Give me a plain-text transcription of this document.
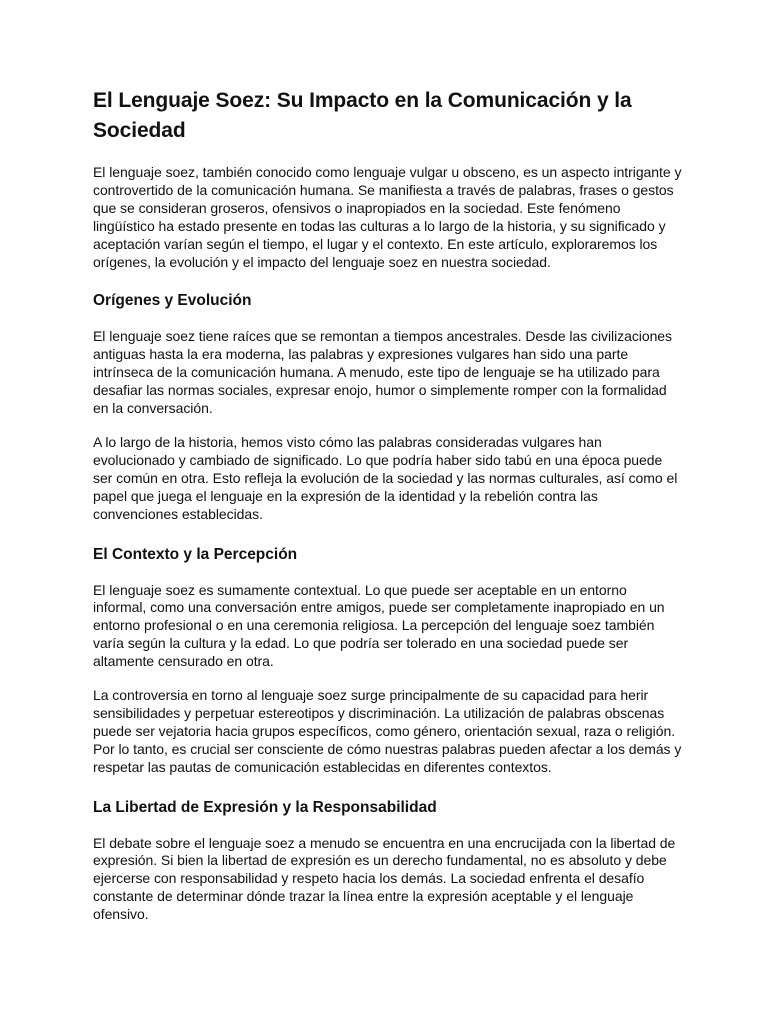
El Lenguaje Soez: Su Impacto en la Comunicación y la Sociedad

El lenguaje soez, también conocido como lenguaje vulgar u obsceno, es un aspecto intrigante y controvertido de la comunicación humana. Se manifiesta a través de palabras, frases o gestos que se consideran groseros, ofensivos o inapropiados en la sociedad. Este fenómeno lingüístico ha estado presente en todas las culturas a lo largo de la historia, y su significado y aceptación varían según el tiempo, el lugar y el contexto. En este artículo, exploraremos los orígenes, la evolución y el impacto del lenguaje soez en nuestra sociedad.

Orígenes y Evolución

El lenguaje soez tiene raíces que se remontan a tiempos ancestrales. Desde las civilizaciones antiguas hasta la era moderna, las palabras y expresiones vulgares han sido una parte intrínseca de la comunicación humana. A menudo, este tipo de lenguaje se ha utilizado para desafiar las normas sociales, expresar enojo, humor o simplemente romper con la formalidad en la conversación.

A lo largo de la historia, hemos visto cómo las palabras consideradas vulgares han evolucionado y cambiado de significado. Lo que podría haber sido tabú en una época puede ser común en otra. Esto refleja la evolución de la sociedad y las normas culturales, así como el papel que juega el lenguaje en la expresión de la identidad y la rebelión contra las convenciones establecidas.

El Contexto y la Percepción

El lenguaje soez es sumamente contextual. Lo que puede ser aceptable en un entorno informal, como una conversación entre amigos, puede ser completamente inapropiado en un entorno profesional o en una ceremonia religiosa. La percepción del lenguaje soez también varía según la cultura y la edad. Lo que podría ser tolerado en una sociedad puede ser altamente censurado en otra.

La controversia en torno al lenguaje soez surge principalmente de su capacidad para herir sensibilidades y perpetuar estereotipos y discriminación. La utilización de palabras obscenas puede ser vejatoria hacia grupos específicos, como género, orientación sexual, raza o religión. Por lo tanto, es crucial ser consciente de cómo nuestras palabras pueden afectar a los demás y respetar las pautas de comunicación establecidas en diferentes contextos.

La Libertad de Expresión y la Responsabilidad

El debate sobre el lenguaje soez a menudo se encuentra en una encrucijada con la libertad de expresión. Si bien la libertad de expresión es un derecho fundamental, no es absoluto y debe ejercerse con responsabilidad y respeto hacia los demás. La sociedad enfrenta el desafío constante de determinar dónde trazar la línea entre la expresión aceptable y el lenguaje ofensivo.
